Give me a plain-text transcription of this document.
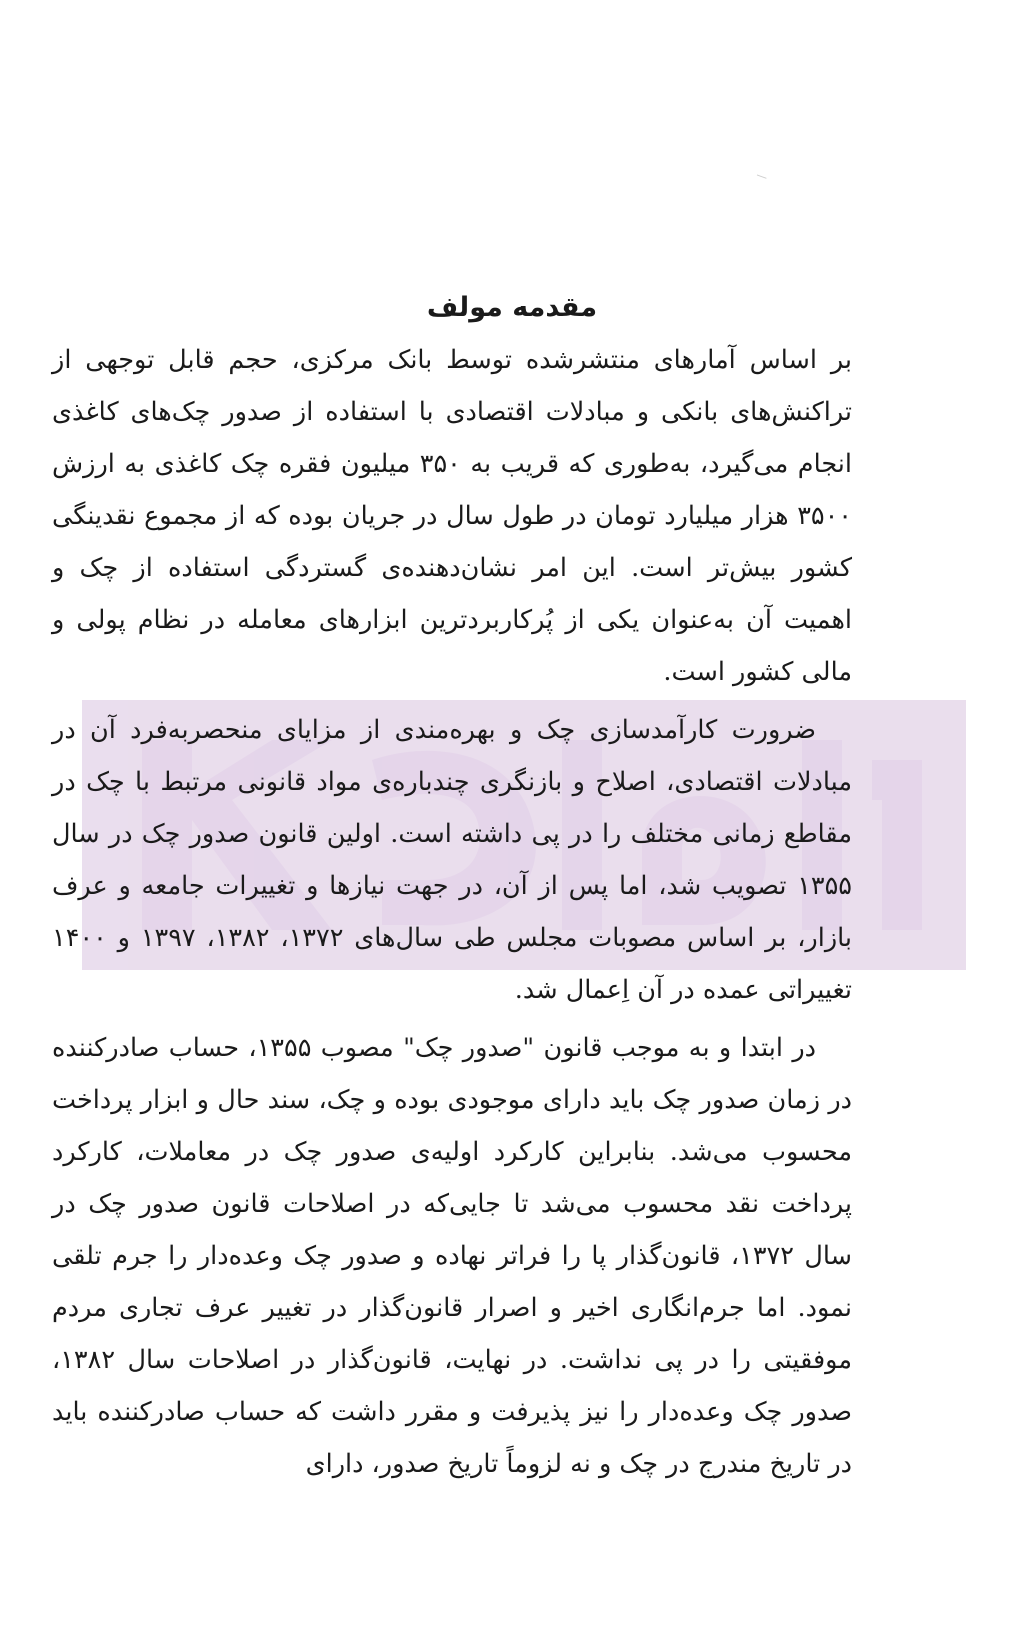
مقدمه مولف

بر اساس آمارهای منتشرشده توسط بانک مرکزی، حجم قابل توجهی از تراکنش‌های بانکی و مبادلات اقتصادی با استفاده از صدور چک‌های کاغذی انجام می‌گیرد، به‌طوری که قریب به ۳۵۰ میلیون فقره چک کاغذی به ارزش ۳۵۰۰ هزار میلیارد تومان در طول سال در جریان بوده که از مجموع نقدینگی کشور بیش‌تر است. این امر نشان‌دهنده‌ی گستردگی استفاده از چک و اهمیت آن به‌عنوان یکی از پُرکاربردترین ابزارهای معامله در نظام پولی و مالی کشور است.

ضرورت کارآمدسازی چک و بهره‌مندی از مزایای منحصربه‌فرد آن در مبادلات اقتصادی، اصلاح و بازنگری چندباره‌ی مواد قانونی مرتبط با چک در مقاطع زمانی مختلف را در پی داشته است. اولین قانون صدور چک در سال ۱۳۵۵ تصویب شد، اما پس از آن، در جهت نیازها و تغییرات جامعه و عرف بازار، بر اساس مصوبات مجلس طی سال‌های ۱۳۷۲، ۱۳۸۲، ۱۳۹۷ و ۱۴۰۰ تغییراتی عمده در آن اِعمال شد.

در ابتدا و به موجب قانون "صدور چک" مصوب ۱۳۵۵، حساب صادرکننده در زمان صدور چک باید دارای موجودی بوده و چک، سند حال و ابزار پرداخت محسوب می‌شد. بنابراین کارکرد اولیه‌ی صدور چک در معاملات، کارکرد پرداخت نقد محسوب می‌شد تا جایی‌که در اصلاحات قانون صدور چک در سال ۱۳۷۲، قانون‌گذار پا را فراتر نهاده و صدور چک وعده‌دار را جرم تلقی نمود. اما جرم‌انگاری اخیر و اصرار قانون‌گذار در تغییر عرف تجاری مردم موفقیتی را در پی نداشت. در نهایت، قانون‌گذار در اصلاحات سال ۱۳۸۲، صدور چک وعده‌دار را نیز پذیرفت و مقرر داشت که حساب صادرکننده باید در تاریخ مندرج در چک و نه لزوماً تاریخ صدور، دارای
